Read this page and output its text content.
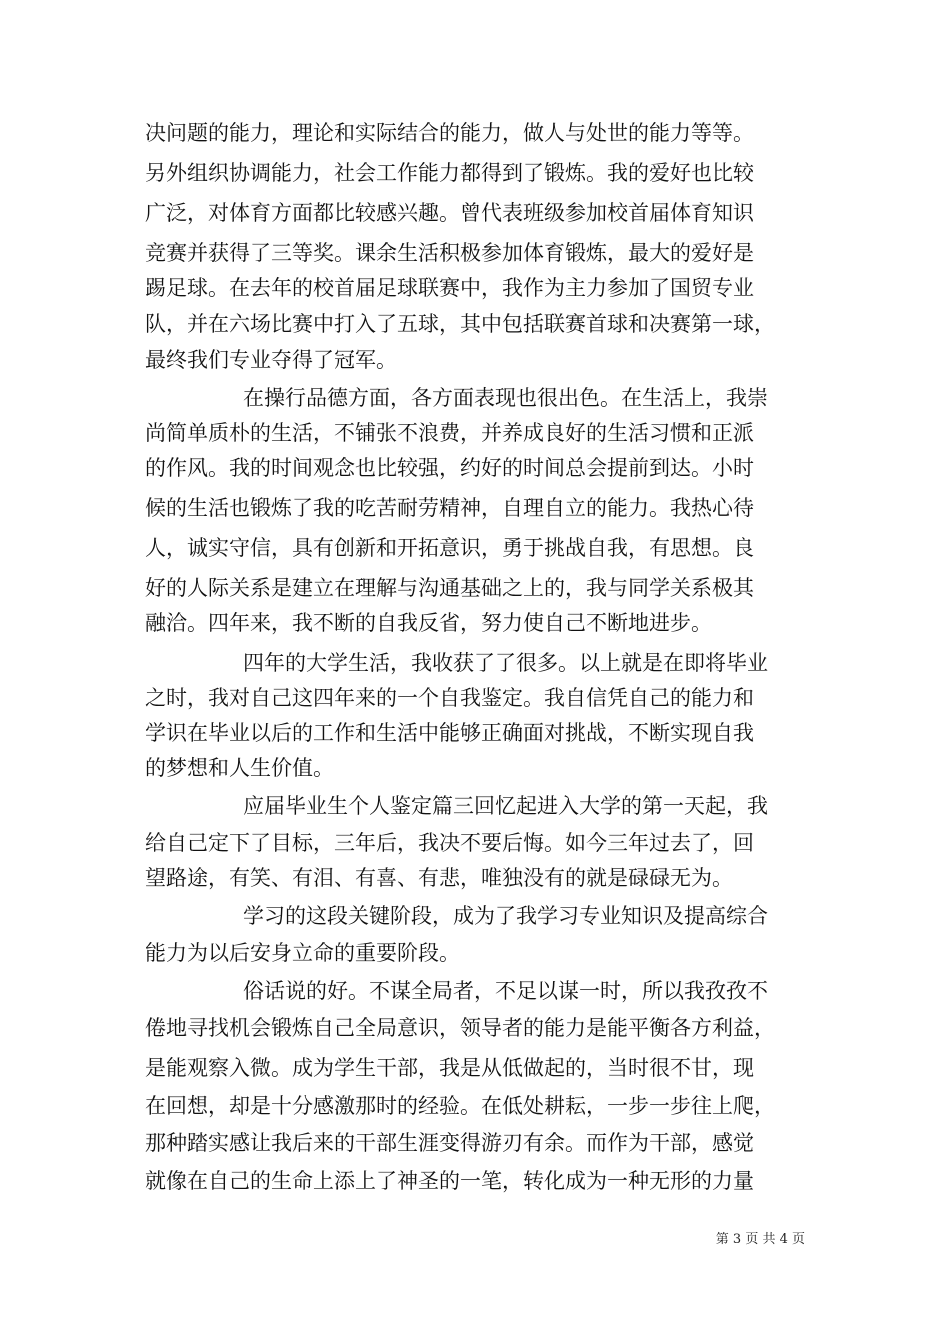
决问题的能力，理论和实际结合的能力，做人与处世的能力等等。
另外组织协调能力，社会工作能力都得到了锻炼。我的爱好也比较
广泛，对体育方面都比较感兴趣。曾代表班级参加校首届体育知识
竞赛并获得了三等奖。课余生活积极参加体育锻炼，最大的爱好是
踢足球。在去年的校首届足球联赛中，我作为主力参加了国贸专业
队，并在六场比赛中打入了五球，其中包括联赛首球和决赛第一球，
最终我们专业夺得了冠军。
在操行品德方面，各方面表现也很出色。在生活上，我崇
尚简单质朴的生活，不铺张不浪费，并养成良好的生活习惯和正派
的作风。我的时间观念也比较强，约好的时间总会提前到达。小时
候的生活也锻炼了我的吃苦耐劳精神，自理自立的能力。我热心待
人，诚实守信，具有创新和开拓意识，勇于挑战自我，有思想。良
好的人际关系是建立在理解与沟通基础之上的，我与同学关系极其
融洽。四年来，我不断的自我反省，努力使自己不断地进步。
四年的大学生活，我收获了了很多。以上就是在即将毕业
之时，我对自己这四年来的一个自我鉴定。我自信凭自己的能力和
学识在毕业以后的工作和生活中能够正确面对挑战，不断实现自我
的梦想和人生价值。
应届毕业生个人鉴定篇三回忆起进入大学的第一天起，我
给自己定下了目标，三年后，我决不要后悔。如今三年过去了，回
望路途，有笑、有泪、有喜、有悲，唯独没有的就是碌碌无为。
学习的这段关键阶段，成为了我学习专业知识及提高综合
能力为以后安身立命的重要阶段。
俗话说的好。不谋全局者，不足以谋一时，所以我孜孜不
倦地寻找机会锻炼自己全局意识，领导者的能力是能平衡各方利益，
是能观察入微。成为学生干部，我是从低做起的，当时很不甘，现
在回想，却是十分感激那时的经验。在低处耕耘，一步一步往上爬，
那种踏实感让我后来的干部生涯变得游刃有余。而作为干部，感觉
就像在自己的生命上添上了神圣的一笔，转化成为一种无形的力量
第 3 页 共 4 页
